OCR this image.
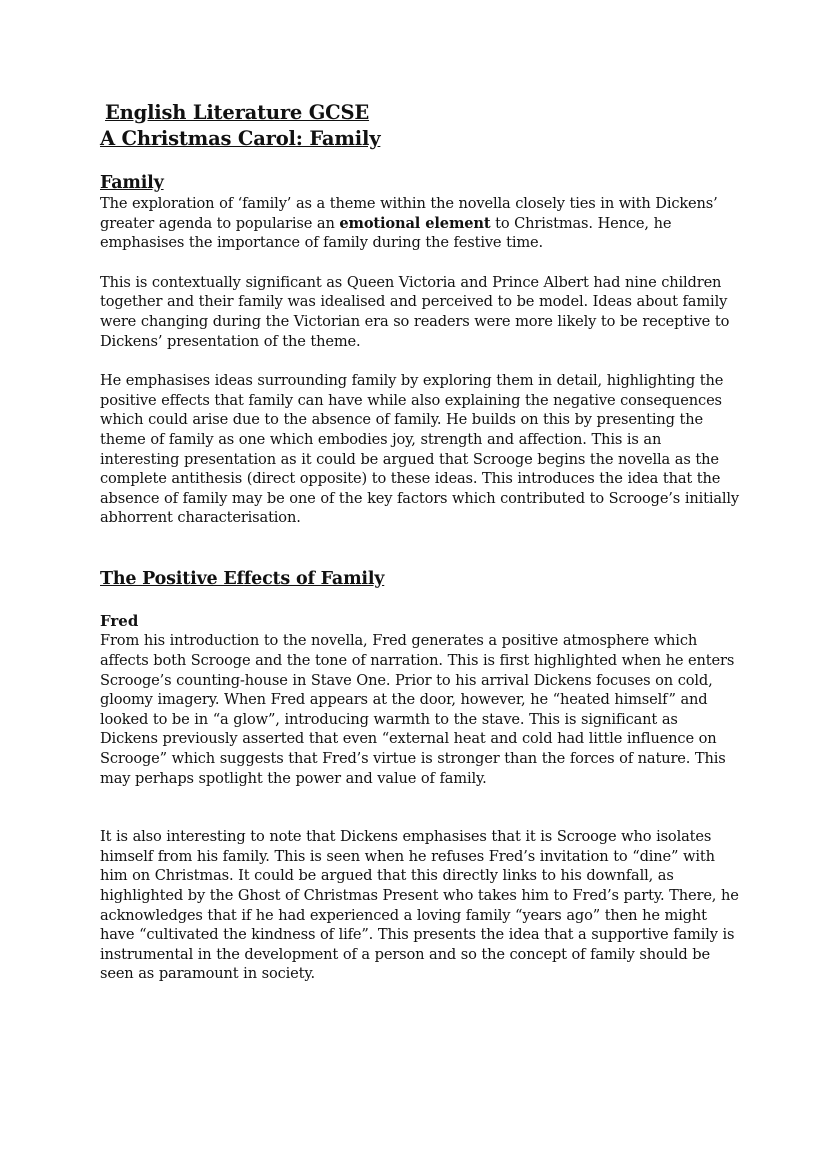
English Literature GCSE
A Christmas Carol: Family
Family

The exploration of ‘family’ as a theme within the novella closely ties in with Dickens’ greater agenda to popularise an emotional element to Christmas. Hence, he emphasises the importance of family during the festive time.

This is contextually significant as Queen Victoria and Prince Albert had nine children together and their family was idealised and perceived to be model. Ideas about family were changing during the Victorian era so readers were more likely to be receptive to Dickens’ presentation of the theme.

He emphasises ideas surrounding family by exploring them in detail, highlighting the positive effects that family can have while also explaining the negative consequences which could arise due to the absence of family. He builds on this by presenting the theme of family as one which embodies joy, strength and affection. This is an interesting presentation as it could be argued that Scrooge begins the novella as the complete antithesis (direct opposite) to these ideas. This introduces the idea that the absence of family may be one of the key factors which contributed to Scrooge’s initially abhorrent characterisation.

The Positive Effects of Family
Fred

From his introduction to the novella, Fred generates a positive atmosphere which affects both Scrooge and the tone of narration. This is first highlighted when he enters Scrooge’s counting-house in Stave One. Prior to his arrival Dickens focuses on cold, gloomy imagery. When Fred appears at the door, however, he “heated himself” and looked to be in “a glow”, introducing warmth to the stave. This is significant as Dickens previously asserted that even “external heat and cold had little influence on Scrooge” which suggests that Fred’s virtue is stronger than the forces of nature. This may perhaps spotlight the power and value of family.

It is also interesting to note that Dickens emphasises that it is Scrooge who isolates himself from his family. This is seen when he refuses Fred’s invitation to “dine” with him on Christmas. It could be argued that this directly links to his downfall, as highlighted by the Ghost of Christmas Present who takes him to Fred’s party. There, he acknowledges that if he had experienced a loving family “years ago” then he might have “cultivated the kindness of life”. This presents the idea that a supportive family is instrumental in the development of a person and so the concept of family should be seen as paramount in society.
